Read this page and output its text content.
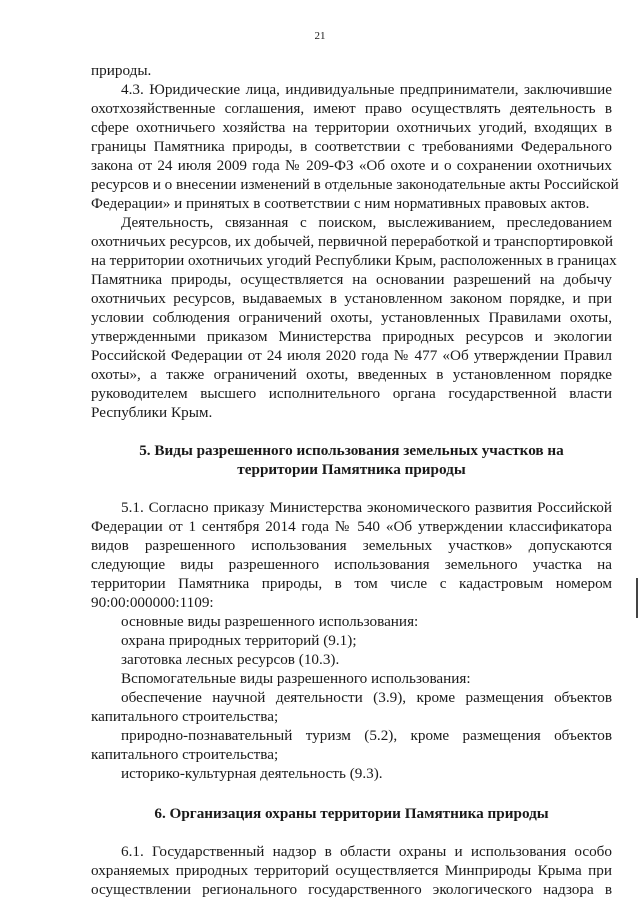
21
природы.
4.3. Юридические лица, индивидуальные предприниматели, заключившие
охотхозяйственные соглашения, имеют право осуществлять деятельность в
сфере охотничьего хозяйства на территории охотничьих угодий, входящих в
границы Памятника природы, в соответствии с требованиями Федерального
закона от 24 июля 2009 года № 209-ФЗ «Об охоте и о сохранении охотничьих
ресурсов и о внесении изменений в отдельные законодательные акты Российской
Федерации» и принятых в соответствии с ним нормативных правовых актов.
Деятельность, связанная с поиском, выслеживанием, преследованием
охотничьих ресурсов, их добычей, первичной переработкой и транспортировкой
на территории охотничьих угодий Республики Крым, расположенных в границах
Памятника природы, осуществляется на основании разрешений на добычу
охотничьих ресурсов, выдаваемых в установленном законом порядке, и при
условии соблюдения ограничений охоты, установленных Правилами охоты,
утвержденными приказом Министерства природных ресурсов и экологии
Российской Федерации от 24 июля 2020 года № 477 «Об утверждении Правил
охоты», а также ограничений охоты, введенных в установленном порядке
руководителем высшего исполнительного органа государственной власти
Республики Крым.
5. Виды разрешенного использования земельных участков на
территории Памятника природы
5.1. Согласно приказу Министерства экономического развития Российской
Федерации от 1 сентября 2014 года № 540 «Об утверждении классификатора
видов разрешенного использования земельных участков» допускаются
следующие виды разрешенного использования земельного участка на
территории Памятника природы, в том числе с кадастровым номером
90:00:000000:1109:
основные виды разрешенного использования:
охрана природных территорий (9.1);
заготовка лесных ресурсов (10.3).
Вспомогательные виды разрешенного использования:
обеспечение научной деятельности (3.9), кроме размещения объектов
капитального строительства;
природно-познавательный туризм (5.2), кроме размещения объектов
капитального строительства;
историко-культурная деятельность (9.3).
6. Организация охраны территории Памятника природы
6.1. Государственный надзор в области охраны и использования особо
охраняемых природных территорий осуществляется Минприроды Крыма при
осуществлении регионального государственного экологического надзора в
